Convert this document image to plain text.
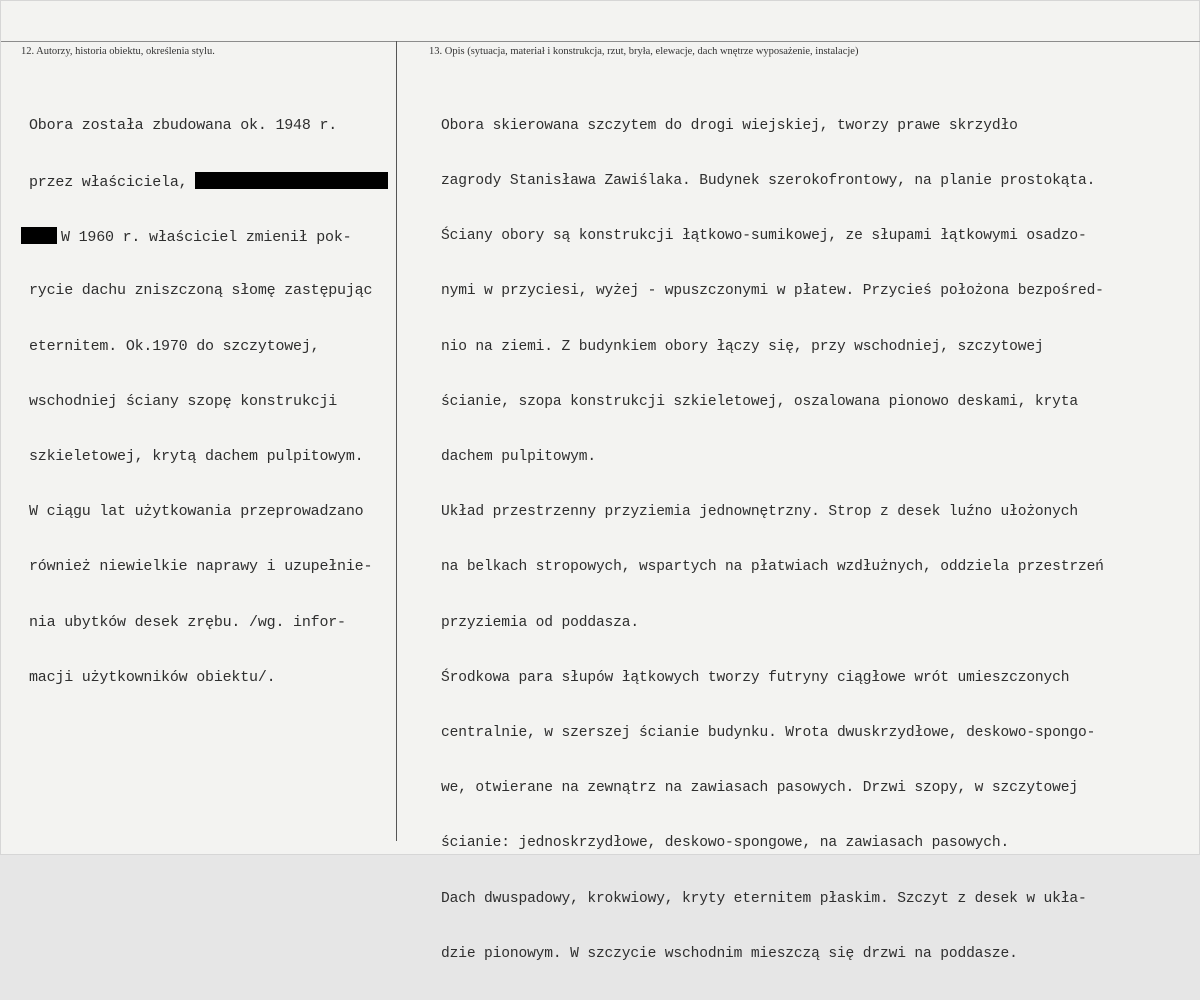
12. Autorzy, historia obiektu, określenia stylu.	13. Opis (sytuacja, materiał i konstrukcja, rzut, bryła, elewacje, dach wnętrze wyposażenie, instalacje)

Obora została zbudowana ok. 1948 r.

przez właściciela,

W 1960 r. właściciel zmienił pok-

rycie dachu zniszczoną słomę zastępując

eternitem. Ok.1970 do szczytowej,

wschodniej ściany szopę konstrukcji

szkieletowej, krytą dachem pulpitowym.

W ciągu lat użytkowania przeprowadzano

również niewielkie naprawy i uzupełnie-

nia ubytków desek zrębu. /wg. infor-

macji użytkowników obiektu/.

Obora skierowana szczytem do drogi wiejskiej, tworzy prawe skrzydło

zagrody Stanisława Zawiślaka. Budynek szerokofrontowy, na planie prostokąta.

Ściany obory są konstrukcji łątkowo-sumikowej, ze słupami łątkowymi osadzo-

nymi w przyciesi, wyżej - wpuszczonymi w płatew. Przycieś położona bezpośred-

nio na ziemi. Z budynkiem obory łączy się, przy wschodniej, szczytowej

ścianie, szopa konstrukcji szkieletowej, oszalowana pionowo deskami, kryta

dachem pulpitowym.

Układ przestrzenny przyziemia jednownętrzny. Strop z desek luźno ułożonych

na belkach stropowych, wspartych na płatwiach wzdłużnych, oddziela przestrzeń

przyziemia od poddasza.

Środkowa para słupów łątkowych tworzy futryny ciągłowe wrót umieszczonych

centralnie, w szerszej ścianie budynku. Wrota dwuskrzydłowe, deskowo-spongo-

we, otwierane na zewnątrz na zawiasach pasowych. Drzwi szopy, w szczytowej

ścianie: jednoskrzydłowe, deskowo-spongowe, na zawiasach pasowych.

Dach dwuspadowy, krokwiowy, kryty eternitem płaskim. Szczyt z desek w ukła-

dzie pionowym. W szczycie wschodnim mieszczą się drzwi na poddasze.
